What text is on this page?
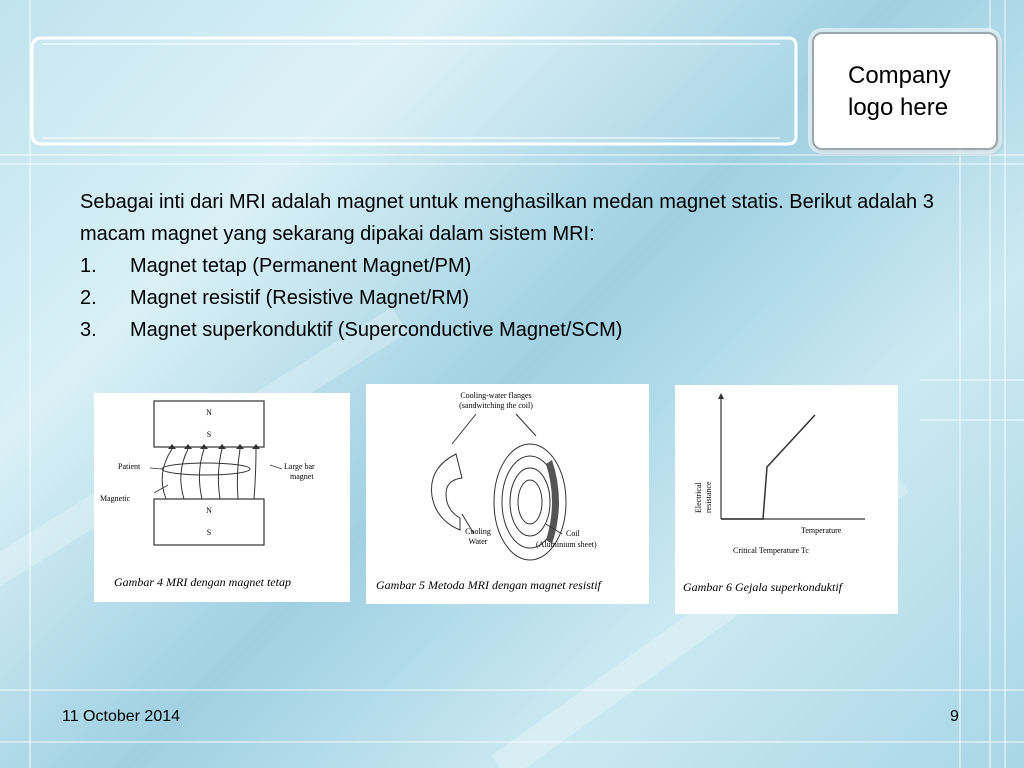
Company
logo here

Sebagai inti dari MRI adalah magnet untuk menghasilkan medan magnet statis. Berikut adalah 3 macam magnet yang sekarang dipakai dalam sistem MRI:

1.	Magnet tetap (Permanent Magnet/PM)
2.	Magnet resistif (Resistive Magnet/RM)
3.	Magnet superkonduktif (Superconductive Magnet/SCM)
N
S
N
S
Patient	Large bar
magnet
Magnetic
Gambar 4 MRI dengan magnet tetap
Cooling-water flanges
(sandwitching the coil)
Cooling
Water
Coil
(Aluminium sheet)
Gambar 5 Metoda MRI dengan magnet resistif
Electrical resistance
Temperature
Critical Temperature Tc
Gambar 6 Gejala superkonduktif
11 October 2014	9
